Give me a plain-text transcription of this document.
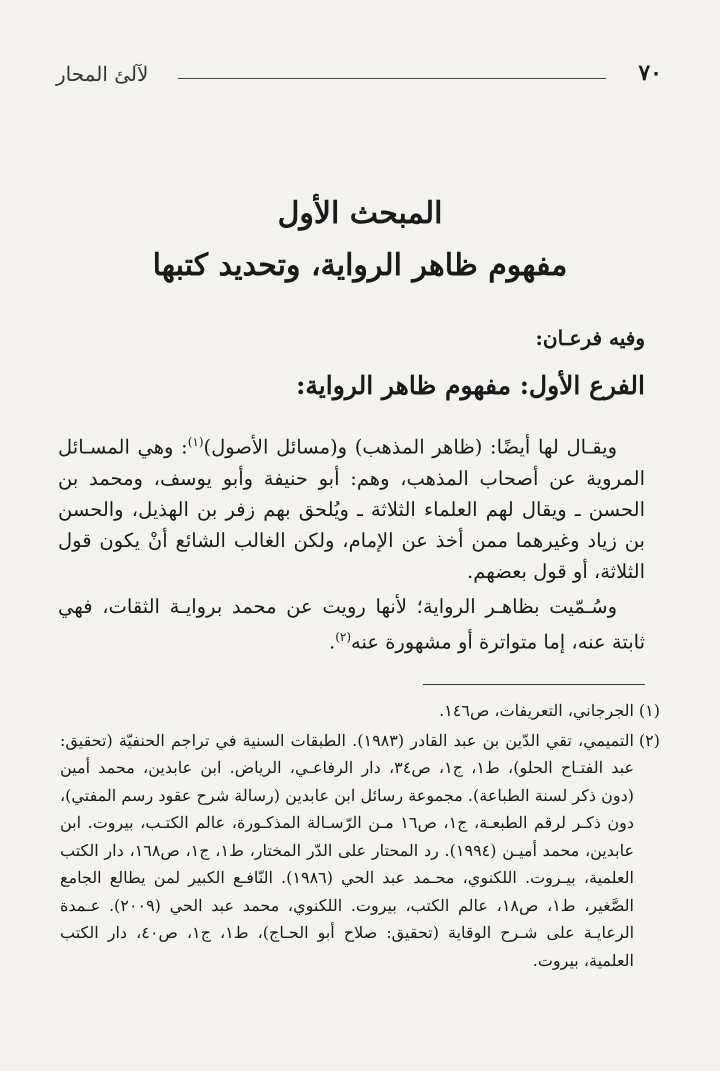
لآلئ المحار	٧٠
المبحث الأول
مفهوم ظاهر الرواية، وتحديد كتبها
وفيه فرعـان:
الفرع الأول: مفهوم ظاهر الرواية:

ويقـال لها أيضًا: (ظاهر المذهب) و(مسائل الأصول)$^{(١)}$: وهي المسـائل المروية عن أصحاب المذهب، وهم: أبو حنيفة وأبو يوسف، ومحمد بن الحسن ـ ويقال لهم العلماء الثلاثة ـ ويُلحق بهم زفر بن الهذيل، والحسن بن زياد وغيرهما ممن أخذ عن الإمام، ولكن الغالب الشائع أنْ يكون قول الثلاثة، أو قول بعضهم.

وسُـمّيت بظاهـر الرواية؛ لأنها رويت عن محمد بروايـة الثقات، فهي ثابتة عنه، إما متواترة أو مشهورة عنه$^{(٢)}$.

(١)
الجرجاني، التعريفات، ص١٤٦.
(٢)
التميمي، تقي الدّين بن عبد القادر (١٩٨٣). الطبقات السنية في تراجم الحنفيّة (تحقيق: عبد الفتـاح الحلو)، ط١، ج١، ص٣٤، دار الرفاعـي، الرياض. ابن عابدين، محمد أمين (دون ذكر لسنة الطباعة). مجموعة رسائل ابن عابدين (رسالة شرح عقود رسم المفتي)، دون ذكـر لرقم الطبعـة، ج١، ص١٦ مـن الرّسـالة المذكـورة، عالم الكتـب، بيروت. ابن عابدين، محمد أميـن (١٩٩٤). رد المحتار على الدّر المختار، ط١، ج١، ص١٦٨، دار الكتب العلمية، بيـروت. اللكنوي، محـمد عبد الحي (١٩٨٦). النّافـع الكبير لمن يطالع الجامع الصَّغير، ط١، ص١٨، عالم الكتب، بيروت. اللكنوي، محمد عبد الحي (٢٠٠٩). عـمدة الرعايـة على شـرح الوقاية (تحقيق: صلاح أبو الحـاج)، ط١، ج١، ص٤٠، دار الكتب العلمية، بيروت.
